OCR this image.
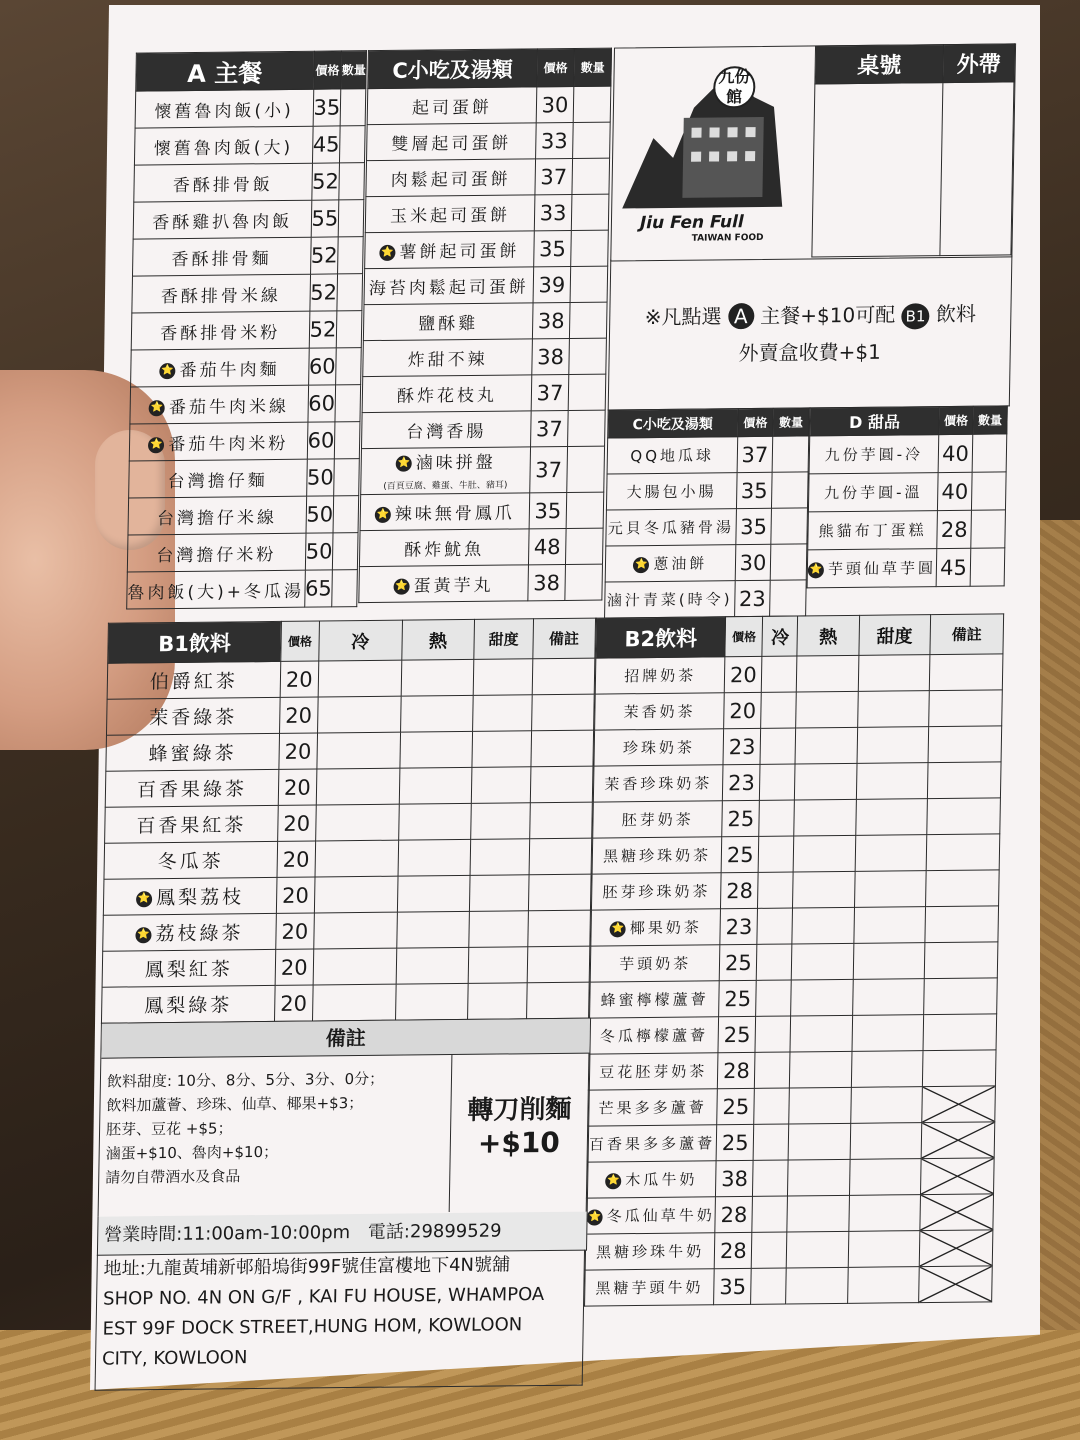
A 主餐	價格	數量
懷舊魯肉飯(小)	35	
懷舊魯肉飯(大)	45	
香酥排骨飯	52	
香酥雞扒魯肉飯	55	
香酥排骨麵	52	
香酥排骨米線	52	
香酥排骨米粉	52	
⭐ 番茄牛肉麵	60	
⭐ 番茄牛肉米線	60	
⭐ 番茄牛肉米粉	60	
台灣擔仔麵	50	
台灣擔仔米線	50	
台灣擔仔米粉	50	
魯肉飯(大)+冬瓜湯	65	
C小吃及湯類	價格	數量
起司蛋餅	30	
雙層起司蛋餅	33	
肉鬆起司蛋餅	37	
玉米起司蛋餅	33	
⭐ 薯餅起司蛋餅	35	
海苔肉鬆起司蛋餅	39	
鹽酥雞	38	
炸甜不辣	38	
酥炸花枝丸	37	
台灣香腸	37	
⭐ 滷味拼盤
(百頁豆腐、雞蛋、牛肚、豬耳)	37	
⭐ 辣味無骨鳳爪	35	
酥炸魷魚	48	
⭐ 蛋黃芋丸	38	
九份館
Jiu Fen Full
TAIWAN FOOD
桌號	外帶

※凡點選 A 主餐+$10可配 B1 飲料
外賣盒收費+$1
C小吃及湯類	價格	數量
QQ地瓜球	37	
大腸包小腸	35	
元貝冬瓜豬骨湯	35	
⭐ 蔥油餅	30	
滷汁青菜(時令)	23	
D 甜品	價格	數量
九份芋圓-冷	40	
九份芋圓-溫	40	
熊貓布丁蛋糕	28	
⭐ 芋頭仙草芋圓	45	
B1飲料	價格	冷	熱	甜度	備註
伯爵紅茶	20				
茉香綠茶	20				
蜂蜜綠茶	20				
百香果綠茶	20				
百香果紅茶	20				
冬瓜茶	20				
⭐ 鳳梨荔枝	20				
⭐ 荔枝綠茶	20				
鳳梨紅茶	20				
鳳梨綠茶	20				
B2飲料	價格	冷	熱	甜度	備註
招牌奶茶	20				
茉香奶茶	20				
珍珠奶茶	23				
茉香珍珠奶茶	23				
胚芽奶茶	25				
黑糖珍珠奶茶	25				
胚芽珍珠奶茶	28				
⭐ 椰果奶茶	23				
芋頭奶茶	25				
蜂蜜檸檬蘆薈	25				
冬瓜檸檬蘆薈	25				
豆花胚芽奶茶	28				
芒果多多蘆薈	25				

百香果多多蘆薈	25				

⭐ 木瓜牛奶	38				

⭐ 冬瓜仙草牛奶	28				

黑糖珍珠牛奶	28				

黑糖芋頭牛奶	35				
備註
飲料甜度: 10分、8分、5分、3分、0分；
飲料加蘆薈、珍珠、仙草、椰果+$3；
胚芽、豆花 +$5；
滷蛋+$10、魯肉+$10；
請勿自帶酒水及食品
轉刀削麵
+$10
營業時間:11:00am-10:00pm 電話:29899529
地址:九龍黃埔新邨船塢街99F號佳富樓地下4N號舖
SHOP NO. 4N ON G/F , KAI FU HOUSE, WHAMPOA
EST 99F DOCK STREET,HUNG HOM, KOWLOON
CITY, KOWLOON
